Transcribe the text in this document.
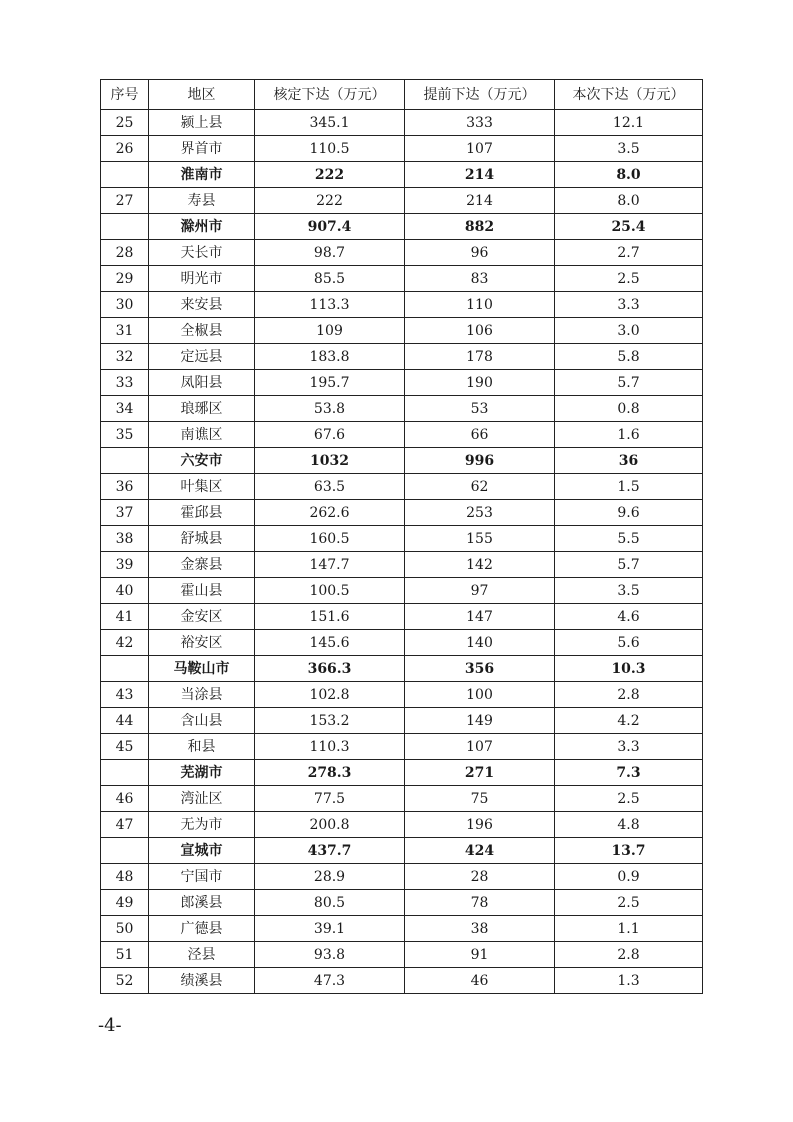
序号	地区	核定下达（万元）	提前下达（万元）	本次下达（万元）
25	颍上县	345.1	333	12.1
26	界首市	110.5	107	3.5
	淮南市	222	214	8.0
27	寿县	222	214	8.0
	滁州市	907.4	882	25.4
28	天长市	98.7	96	2.7
29	明光市	85.5	83	2.5
30	来安县	113.3	110	3.3
31	全椒县	109	106	3.0
32	定远县	183.8	178	5.8
33	凤阳县	195.7	190	5.7
34	琅琊区	53.8	53	0.8
35	南谯区	67.6	66	1.6
	六安市	1032	996	36
36	叶集区	63.5	62	1.5
37	霍邱县	262.6	253	9.6
38	舒城县	160.5	155	5.5
39	金寨县	147.7	142	5.7
40	霍山县	100.5	97	3.5
41	金安区	151.6	147	4.6
42	裕安区	145.6	140	5.6
	马鞍山市	366.3	356	10.3
43	当涂县	102.8	100	2.8
44	含山县	153.2	149	4.2
45	和县	110.3	107	3.3
	芜湖市	278.3	271	7.3
46	湾沚区	77.5	75	2.5
47	无为市	200.8	196	4.8
	宣城市	437.7	424	13.7
48	宁国市	28.9	28	0.9
49	郎溪县	80.5	78	2.5
50	广德县	39.1	38	1.1
51	泾县	93.8	91	2.8
52	绩溪县	47.3	46	1.3
-4-
